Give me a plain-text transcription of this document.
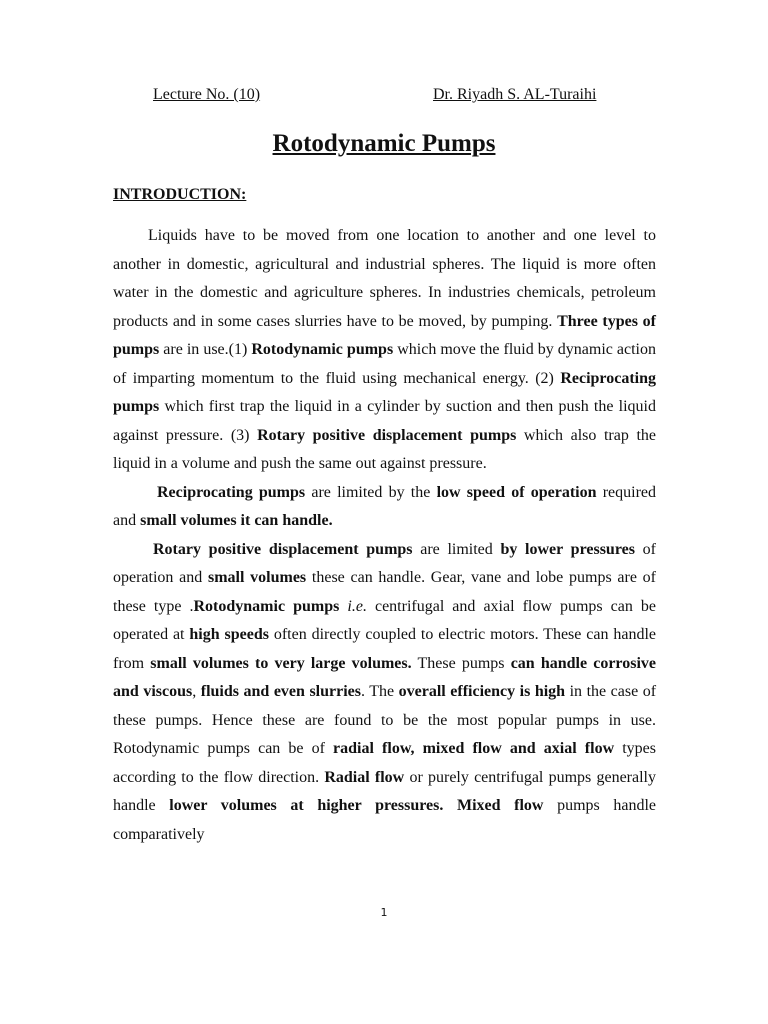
Lecture No. (10)	Dr. Riyadh S. AL-Turaihi
Rotodynamic Pumps
INTRODUCTION:

Liquids have to be moved from one location to another and one level to another in domestic, agricultural and industrial spheres. The liquid is more often water in the domestic and agriculture spheres. In industries chemicals, petroleum products and in some cases slurries have to be moved, by pumping. Three types of pumps are in use.(1) Rotodynamic pumps which move the fluid by dynamic action of imparting momentum to the fluid using mechanical energy. (2) Reciprocating pumps which first trap the liquid in a cylinder by suction and then push the liquid against pressure. (3) Rotary positive displacement pumps which also trap the liquid in a volume and push the same out against pressure.

Reciprocating pumps are limited by the low speed of operation required and small volumes it can handle.

Rotary positive displacement pumps are limited by lower pressures of operation and small volumes these can handle. Gear, vane and lobe pumps are of these type .Rotodynamic pumps i.e. centrifugal and axial flow pumps can be operated at high speeds often directly coupled to electric motors. These can handle from small volumes to very large volumes. These pumps can handle corrosive and viscous, fluids and even slurries. The overall efficiency is high in the case of these pumps. Hence these are found to be the most popular pumps in use. Rotodynamic pumps can be of radial flow, mixed flow and axial flow types according to the flow direction. Radial flow or purely centrifugal pumps generally handle lower volumes at higher pressures. Mixed flow pumps handle comparatively

1
